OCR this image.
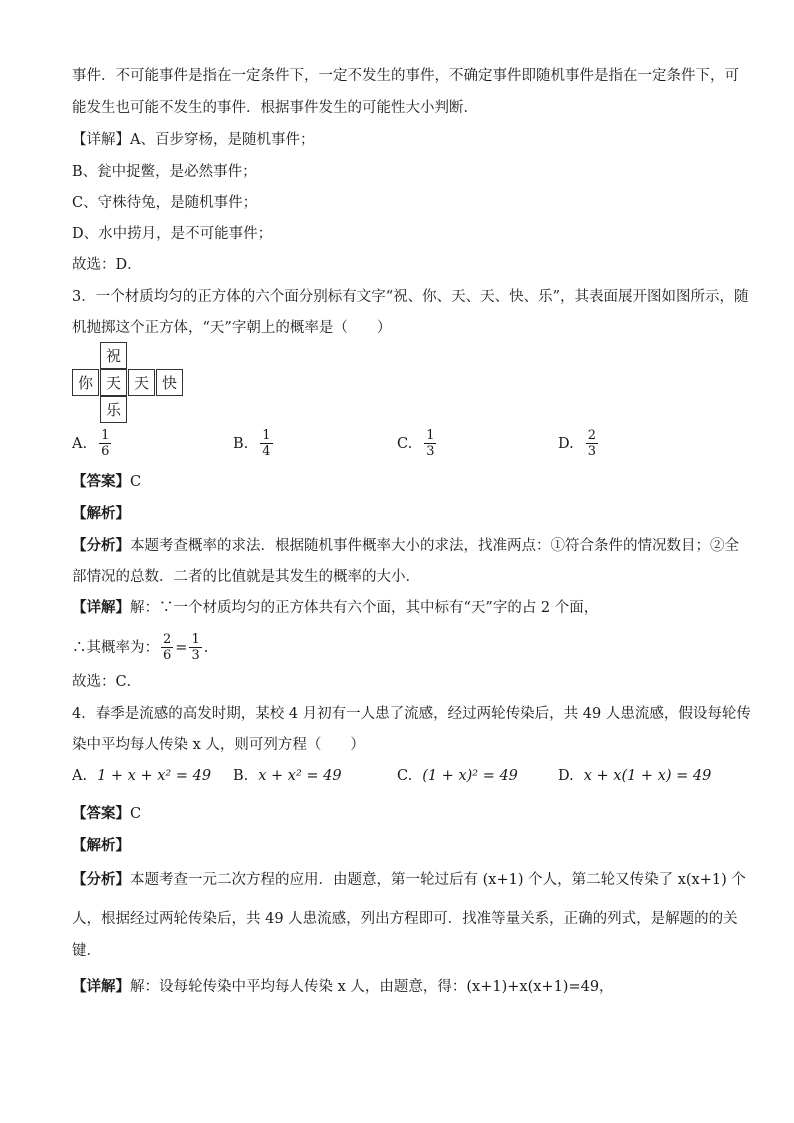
事件．不可能事件是指在一定条件下，一定不发生的事件，不确定事件即随机事件是指在一定条件下，可
能发生也可能不发生的事件．根据事件发生的可能性大小判断．
【详解】A、百步穿杨，是随机事件；
B、瓮中捉鳖，是必然事件；
C、守株待兔，是随机事件；
D、水中捞月，是不可能事件；
故选：D．
3．一个材质均匀的正方体的六个面分别标有文字“祝、你、天、天、快、乐”，其表面展开图如图所示，随
机抛掷这个正方体，“天”字朝上的概率是（　　）
祝
你 天 天 快
乐
A. $\frac{1}{6}$	B. $\frac{1}{4}$	C. $\frac{1}{3}$	D. $\frac{2}{3}$
【答案】C
【解析】
【分析】本题考查概率的求法．根据随机事件概率大小的求法，找准两点：①符合条件的情况数目；②全
部情况的总数．二者的比值就是其发生的概率的大小．
【详解】解：∵一个材质均匀的正方体共有六个面，其中标有“天”字的占 2 个面，
∴其概率为： $\frac{2}{6} = \frac{1}{3}$ .
故选：C．
4．春季是流感的高发时期，某校 4 月初有一人患了流感，经过两轮传染后，共 49 人患流感，假设每轮传
染中平均每人传染 x 人，则可列方程（　　）
A. 1 + x + x² = 49 B. x + x² = 49	C. (1 + x)² = 49	D. x + x(1 + x) = 49
【答案】C
【解析】
【分析】本题考查一元二次方程的应用．由题意，第一轮过后有 (x+1) 个人，第二轮又传染了 x(x+1) 个
人，根据经过两轮传染后，共 49 人患流感，列出方程即可．找准等量关系，正确的列式，是解题的的关
键．
【详解】解：设每轮传染中平均每人传染 x 人，由题意，得：(x+1)+x(x+1)=49，
